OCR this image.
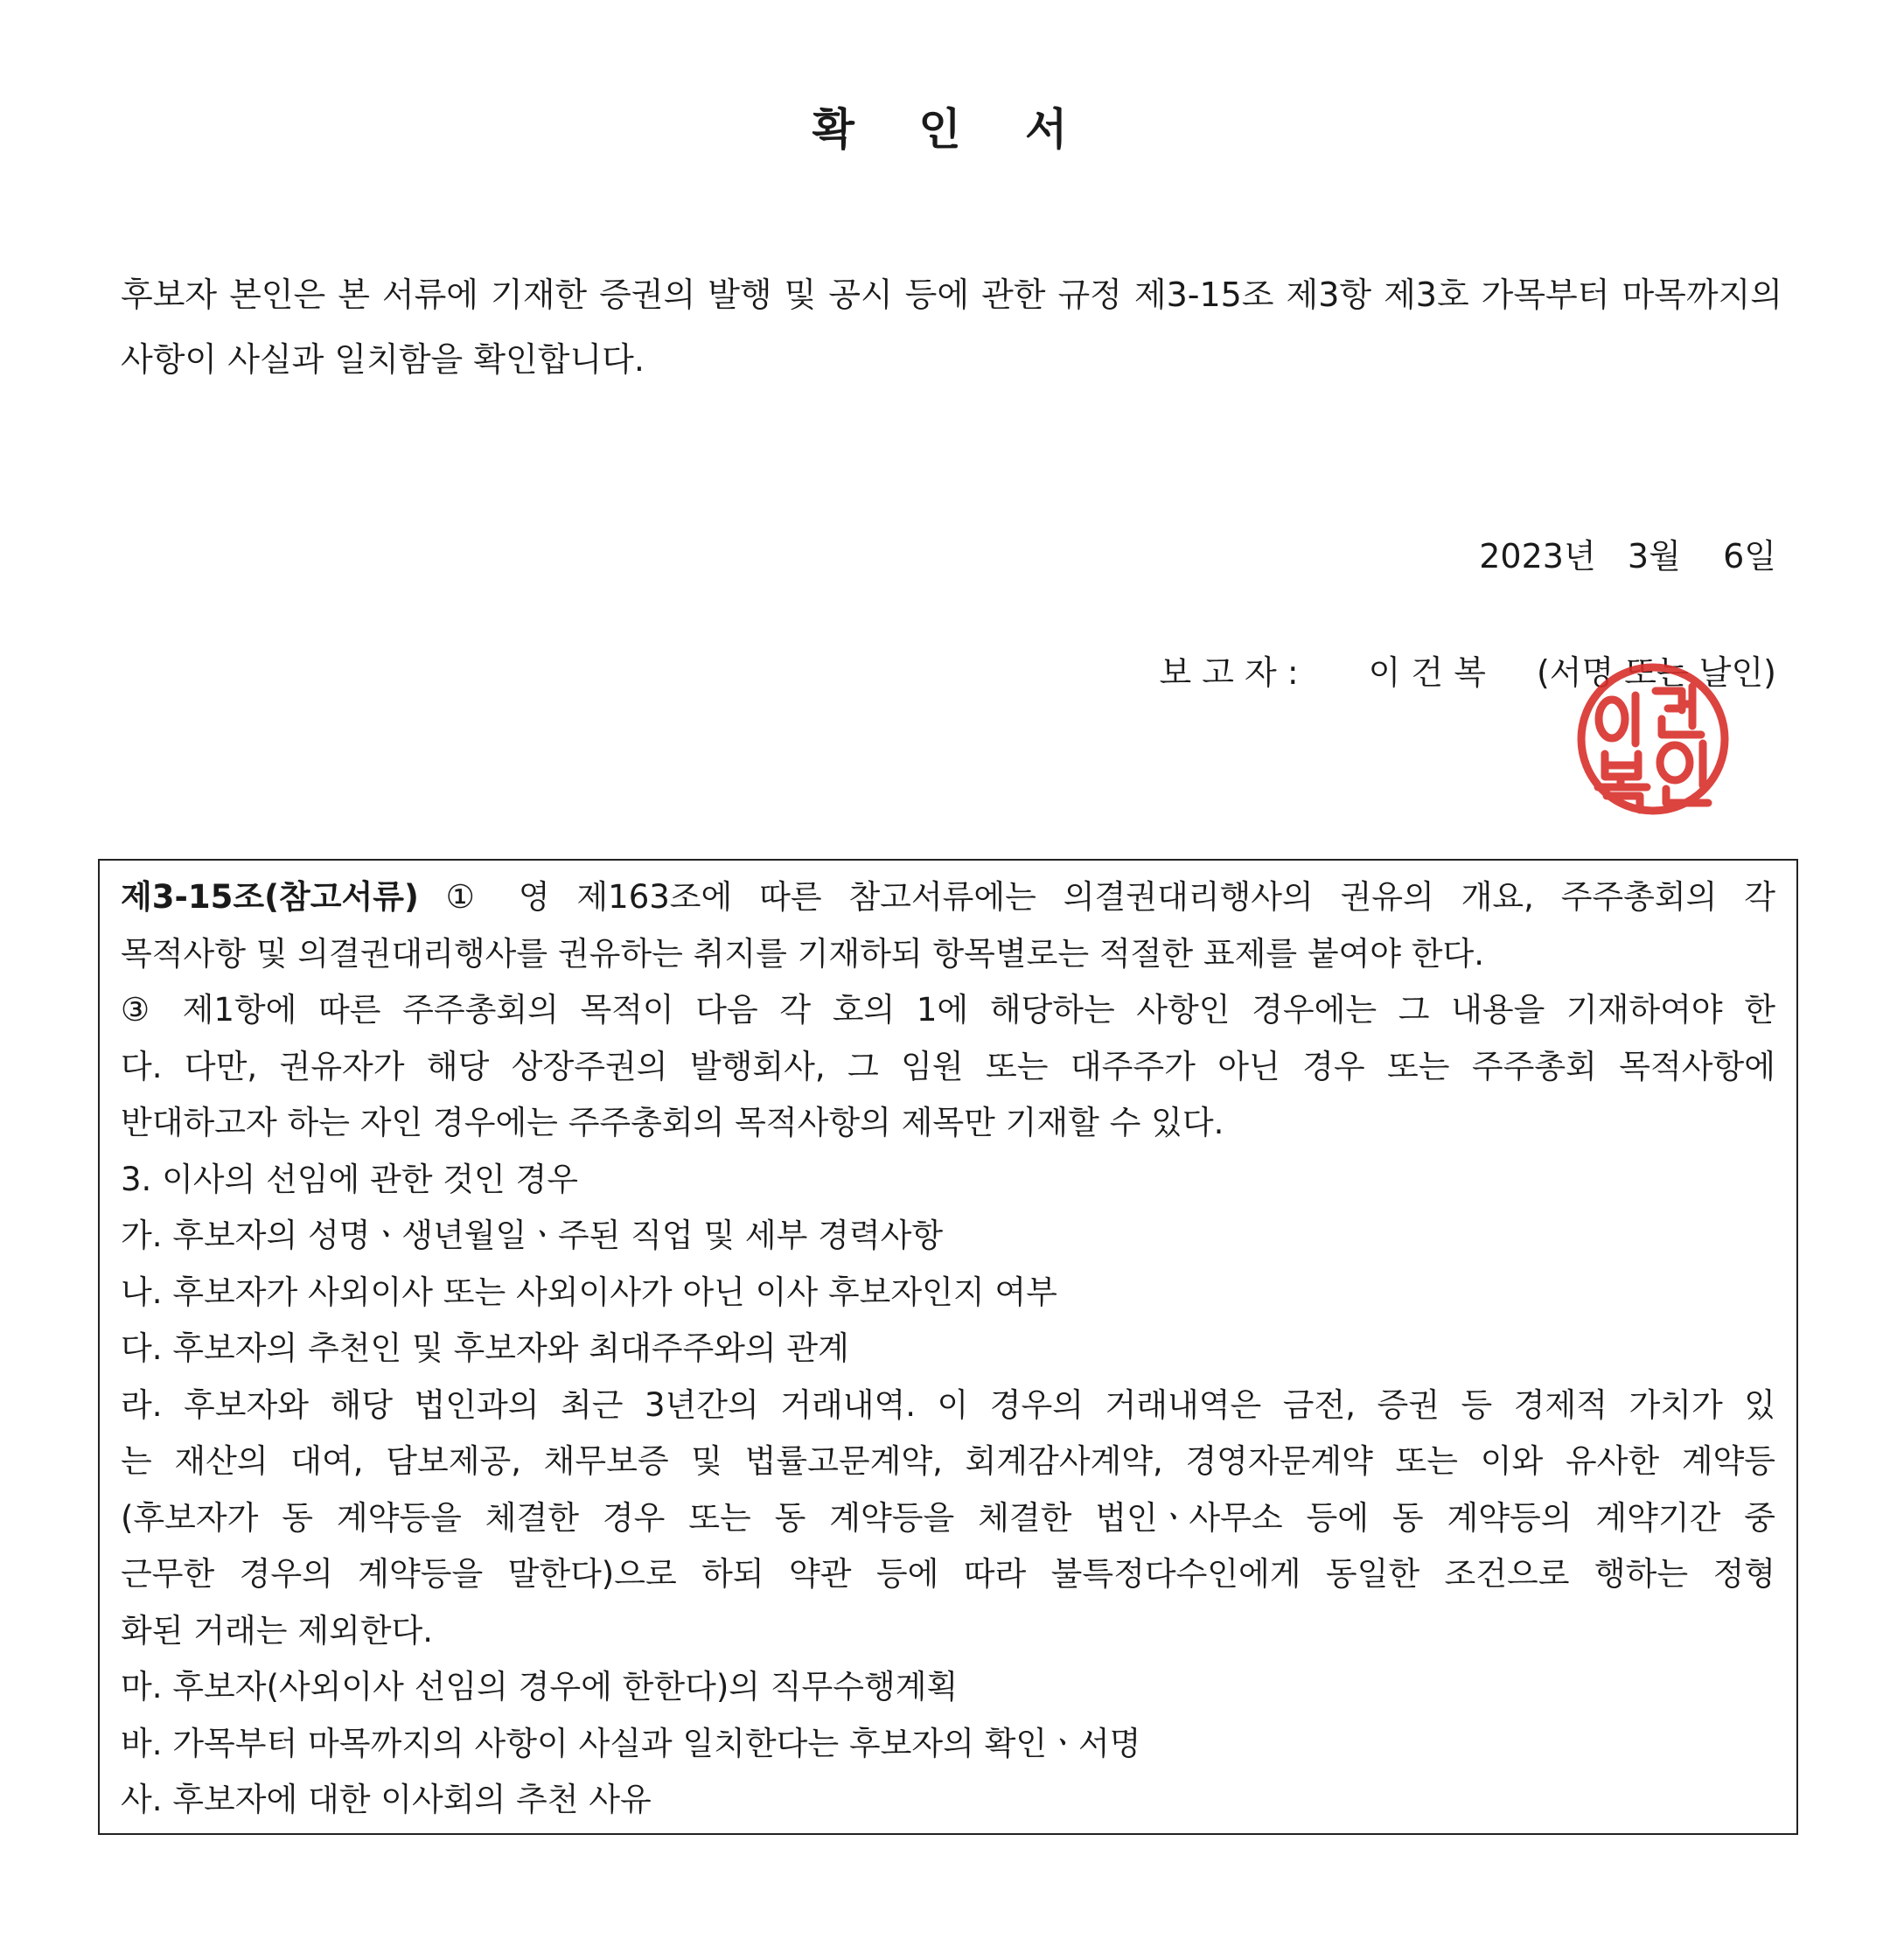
확 인 서
후보자 본인은 본 서류에 기재한 증권의 발행 및 공시 등에 관한 규정 제3-15조 제3항 제3호 가목부터 마목까지의 사항이 사실과 일치함을 확인합니다.
2023년   3월    6일
보 고 자 : 이 건 복 (서명 또는 날인)
제3-15조(참고서류) ① 영 제163조에 따른 참고서류에는 의결권대리행사의 권유의 개요, 주주총회의 각
목적사항 및 의결권대리행사를 권유하는 취지를 기재하되 항목별로는 적절한 표제를 붙여야 한다.
③ 제1항에 따른 주주총회의 목적이 다음 각 호의 1에 해당하는 사항인 경우에는 그 내용을 기재하여야 한
다. 다만, 권유자가 해당 상장주권의 발행회사, 그 임원 또는 대주주가 아닌 경우 또는 주주총회 목적사항에
반대하고자 하는 자인 경우에는 주주총회의 목적사항의 제목만 기재할 수 있다.
3. 이사의 선임에 관한 것인 경우
가. 후보자의 성명ㆍ생년월일ㆍ주된 직업 및 세부 경력사항
나. 후보자가 사외이사 또는 사외이사가 아닌 이사 후보자인지 여부
다. 후보자의 추천인 및 후보자와 최대주주와의 관계
라. 후보자와 해당 법인과의 최근 3년간의 거래내역. 이 경우의 거래내역은 금전, 증권 등 경제적 가치가 있
는 재산의 대여, 담보제공, 채무보증 및 법률고문계약, 회계감사계약, 경영자문계약 또는 이와 유사한 계약등
(후보자가 동 계약등을 체결한 경우 또는 동 계약등을 체결한 법인ㆍ사무소 등에 동 계약등의 계약기간 중
근무한 경우의 계약등을 말한다)으로 하되 약관 등에 따라 불특정다수인에게 동일한 조건으로 행하는 정형
화된 거래는 제외한다.
마. 후보자(사외이사 선임의 경우에 한한다)의 직무수행계획
바. 가목부터 마목까지의 사항이 사실과 일치한다는 후보자의 확인ㆍ서명
사. 후보자에 대한 이사회의 추천 사유
